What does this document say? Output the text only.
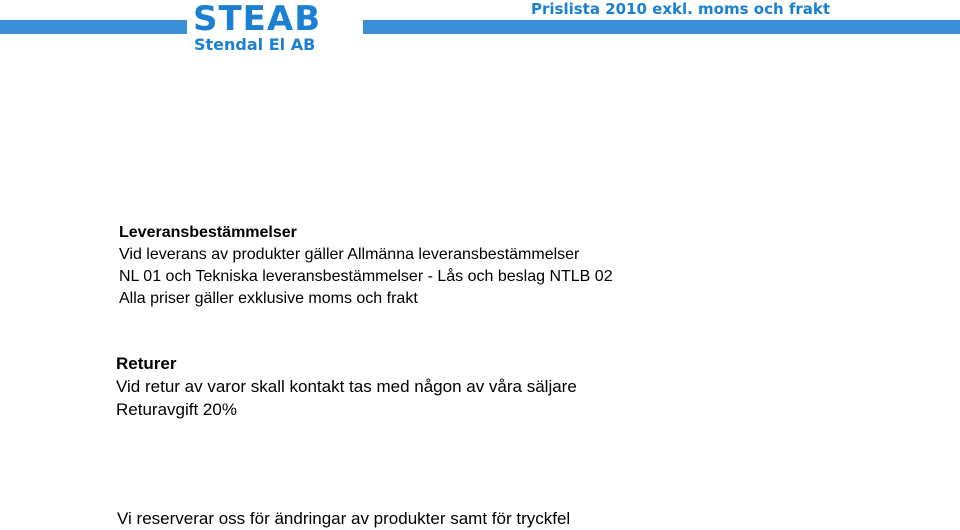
STEAB
Stendal El AB
Prislista 2010 exkl. moms och frakt
Leveransbestämmelser
Vid leverans av produkter gäller Allmänna leveransbestämmelser
NL 01 och Tekniska leveransbestämmelser - Lås och beslag NTLB 02
Alla priser gäller exklusive moms och frakt
Returer
Vid retur av varor skall kontakt tas med någon av våra säljare
Returavgift 20%
Vi reserverar oss för ändringar av produkter samt för tryckfel
